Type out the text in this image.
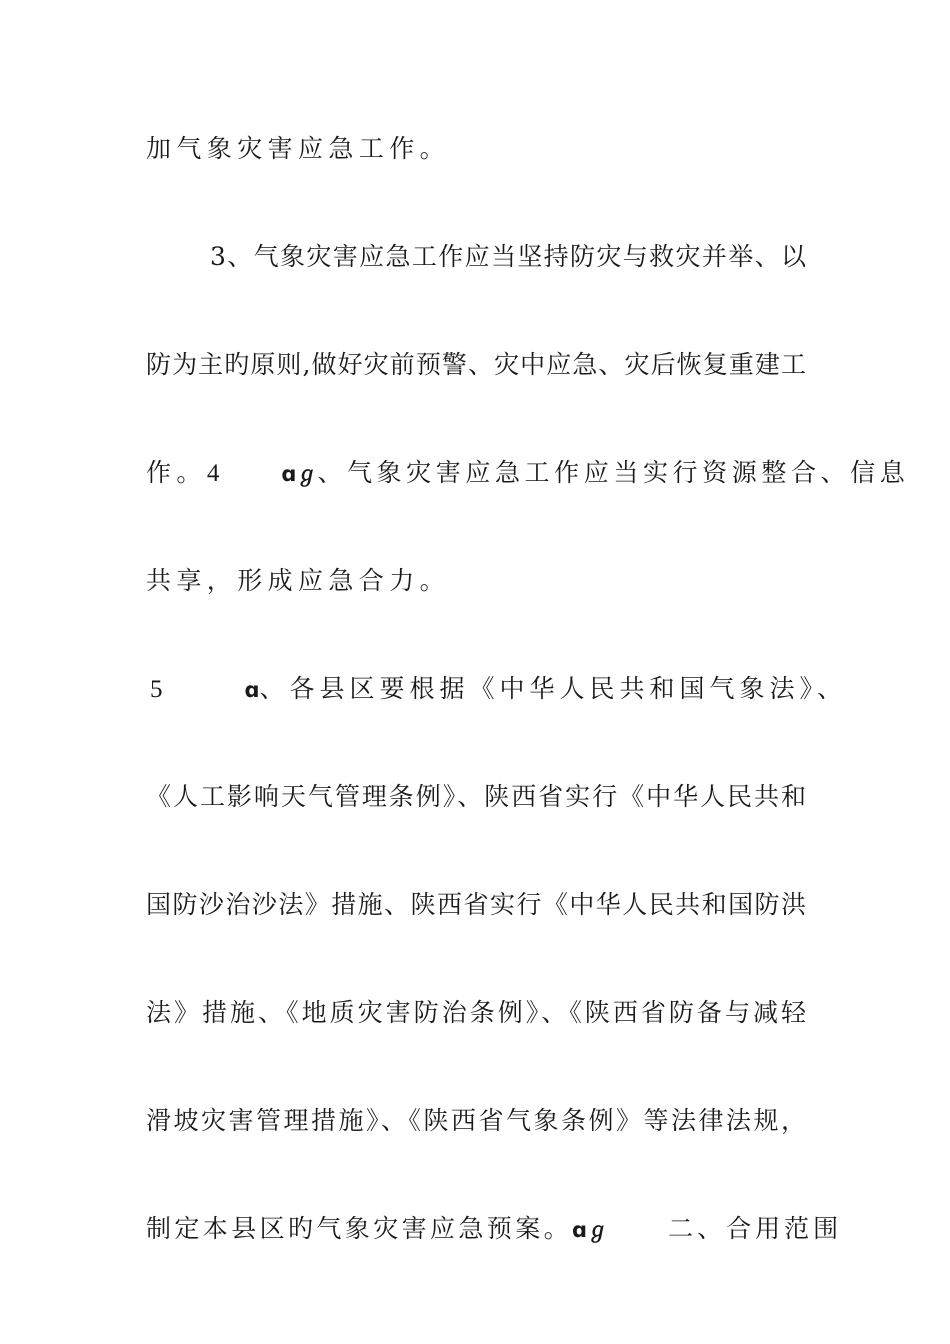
加气象灾害应急工作。
3、气象灾害应急工作应当坚持防灾与救灾并举、以
防为主旳原则,做好灾前预警、灾中应急、灾后恢复重建工
作。4	ɑℊ、气象灾害应急工作应当实行资源整合、信息
共享，形成应急合力。
5	ɑ、各县区要根据《中华人民共和国气象法》、
《人工影响天气管理条例》、陕西省实行《中华人民共和
国防沙治沙法》措施、陕西省实行《中华人民共和国防洪
法》措施、《地质灾害防治条例》、《陕西省防备与减轻
滑坡灾害管理措施》、《陕西省气象条例》等法律法规，
制定本县区旳气象灾害应急预案。ɑℊ 二、合用范围
